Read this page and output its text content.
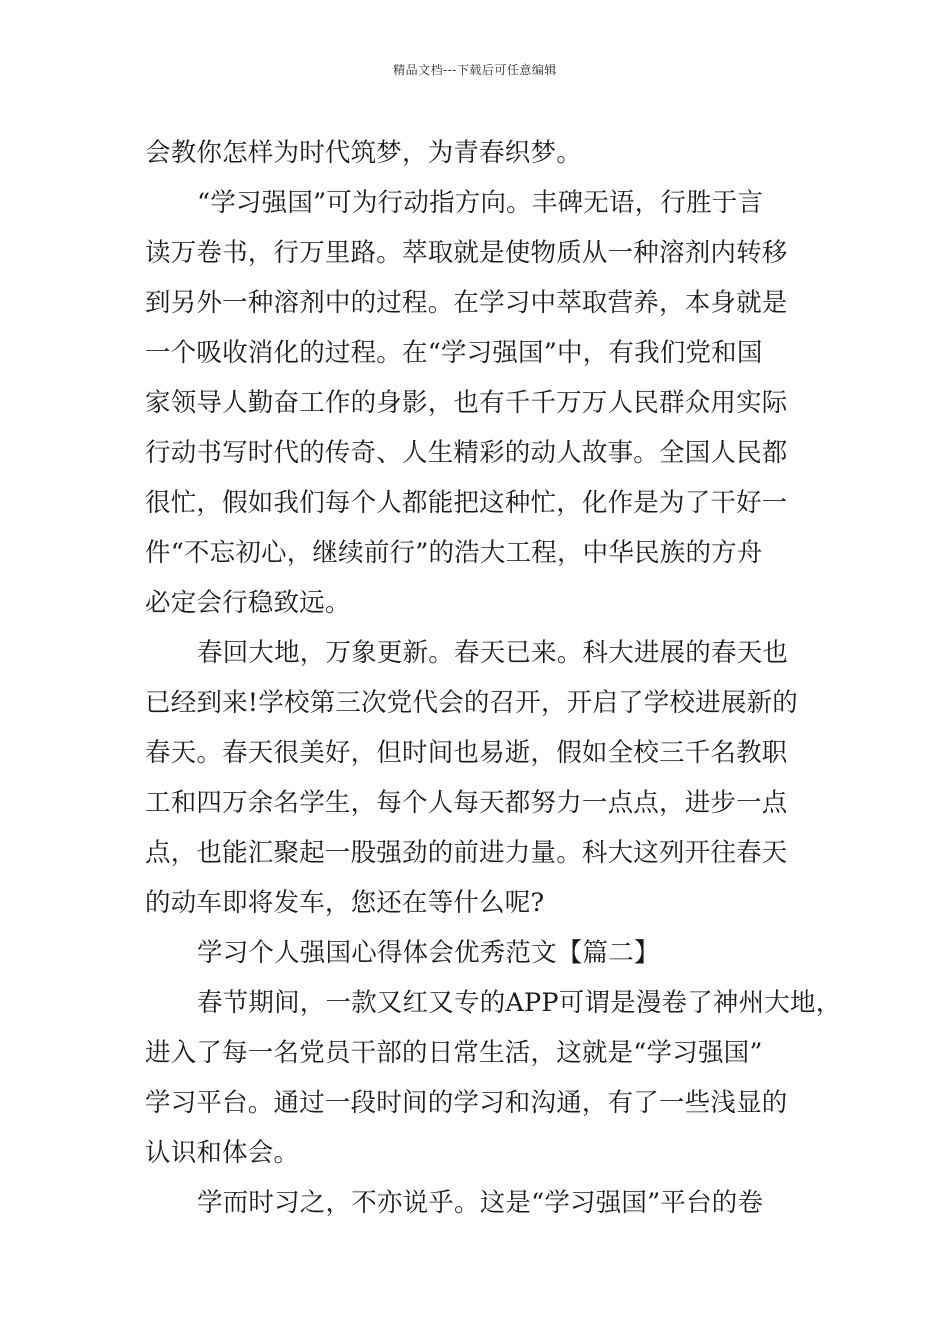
精品文档---下载后可任意编辑
会教你怎样为时代筑梦，为青春织梦。
“学习强国”可为行动指方向。丰碑无语，行胜于言
读万卷书，行万里路。萃取就是使物质从一种溶剂内转移
到另外一种溶剂中的过程。在学习中萃取营养，本身就是
一个吸收消化的过程。在“学习强国”中，有我们党和国
家领导人勤奋工作的身影，也有千千万万人民群众用实际
行动书写时代的传奇、人生精彩的动人故事。全国人民都
很忙，假如我们每个人都能把这种忙，化作是为了干好一
件“不忘初心，继续前行”的浩大工程，中华民族的方舟
必定会行稳致远。
春回大地，万象更新。春天已来。科大进展的春天也
已经到来!学校第三次党代会的召开，开启了学校进展新的
春天。春天很美好，但时间也易逝，假如全校三千名教职
工和四万余名学生，每个人每天都努力一点点，进步一点
点，也能汇聚起一股强劲的前进力量。科大这列开往春天
的动车即将发车，您还在等什么呢?
学习个人强国心得体会优秀范文【篇二】
春节期间，一款又红又专的APP可谓是漫卷了神州大地，
进入了每一名党员干部的日常生活，这就是“学习强国”
学习平台。通过一段时间的学习和沟通，有了一些浅显的
认识和体会。
学而时习之，不亦说乎。这是“学习强国”平台的卷
